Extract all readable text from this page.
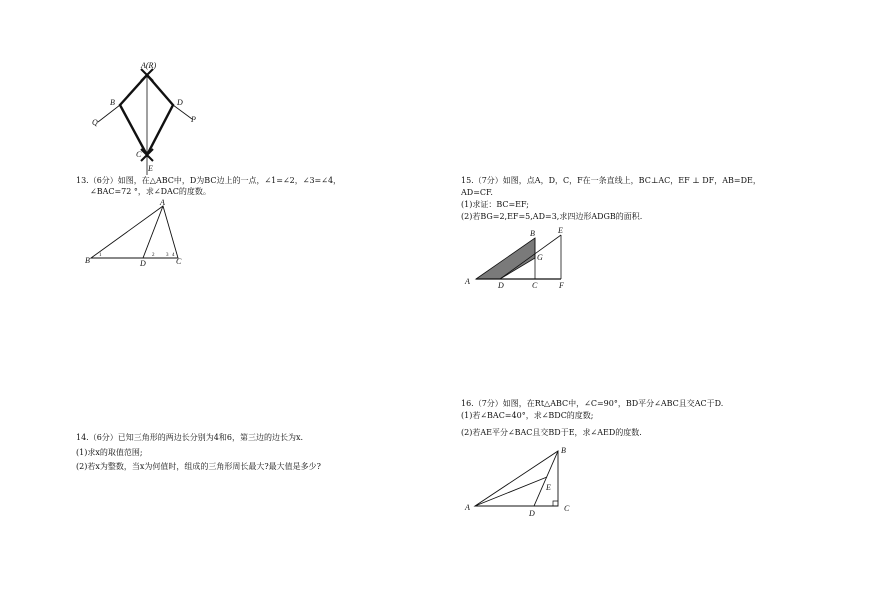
A(R)
B	D
Q	P
C
E
13.（6分）如图，在△ABC中，D为BC边上的一点，∠1=∠2，∠3=∠4，
∠BAC=72 °，求∠DAC的度数。
A
B	D	C
1	2 3 4
14.（6分）已知三角形的两边长分别为4和6，第三边的边长为x.
(1)求x的取值范围;
(2)若x为整数，当x为何值时，组成的三角形周长最大?最大值是多少?
15.（7分）如图，点A，D，C，F在一条直线上，BC⊥AC，EF ⊥ DF，AB=DE，
AD=CF.
(1)求证：BC=EF;
(2)若BG=2,EF=5,AD=3,求四边形ADGB的面积.
A	D	C	F
B	E
G
16.（7分）如图，在Rt△ABC中，∠C=90°，BD平分∠ABC且交AC于D.
(1)若∠BAC=40°，求∠BDC的度数;
(2)若AE平分∠BAC且交BD于E，求∠AED的度数.
A
B
C
D
E
